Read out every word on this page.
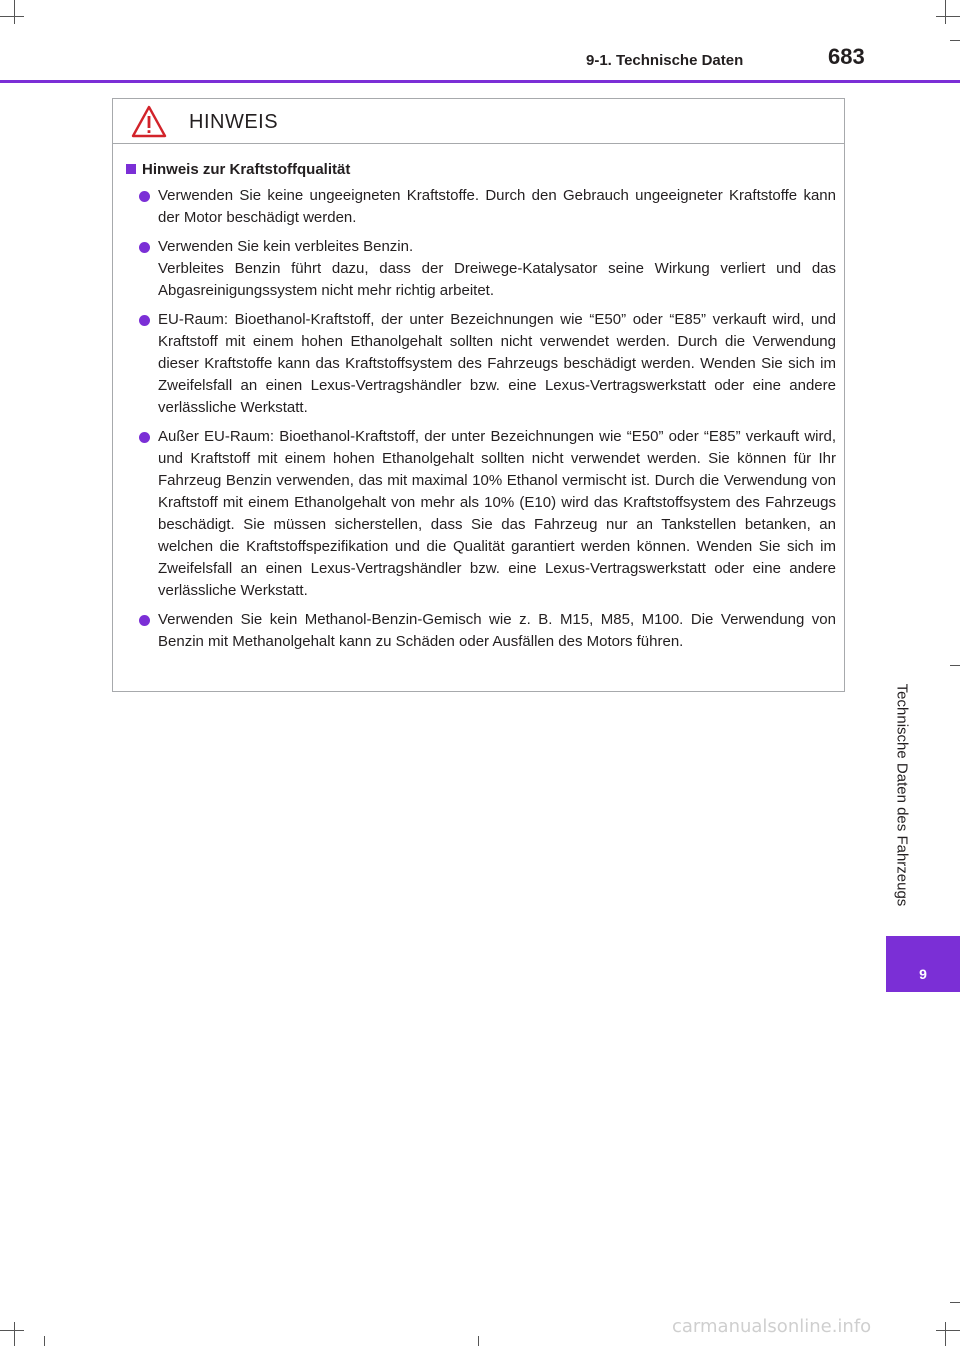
9-1. Technische Daten	683
Technische Daten des Fahrzeugs
9
HINWEIS
Hinweis zur Kraftstoffqualität

Verwenden Sie keine ungeeigneten Kraftstoffe. Durch den Gebrauch ungeeigneter Kraftstoffe kann der Motor beschädigt werden.

Verwenden Sie kein verbleites Benzin.

Verbleites Benzin führt dazu, dass der Dreiwege-Katalysator seine Wirkung verliert und das Abgasreinigungssystem nicht mehr richtig arbeitet.

EU-Raum: Bioethanol-Kraftstoff, der unter Bezeichnungen wie “E50” oder “E85” verkauft wird, und Kraftstoff mit einem hohen Ethanolgehalt sollten nicht verwendet werden. Durch die Verwendung dieser Kraftstoffe kann das Kraftstoffsystem des Fahrzeugs beschädigt werden. Wenden Sie sich im Zweifelsfall an einen Lexus-Vertragshändler bzw. eine Lexus-Vertragswerkstatt oder eine andere verlässliche Werkstatt.

Außer EU-Raum: Bioethanol-Kraftstoff, der unter Bezeichnungen wie “E50” oder “E85” verkauft wird, und Kraftstoff mit einem hohen Ethanolgehalt sollten nicht verwendet werden. Sie können für Ihr Fahrzeug Benzin verwenden, das mit maximal 10% Ethanol vermischt ist. Durch die Verwendung von Kraftstoff mit einem Ethanolgehalt von mehr als 10% (E10) wird das Kraftstoffsystem des Fahrzeugs beschädigt. Sie müssen sicherstellen, dass Sie das Fahrzeug nur an Tankstellen betanken, an welchen die Kraftstoffspezifikation und die Qualität garantiert werden können. Wenden Sie sich im Zweifelsfall an einen Lexus-Vertragshändler bzw. eine Lexus-Vertragswerkstatt oder eine andere verlässliche Werkstatt.

Verwenden Sie kein Methanol-Benzin-Gemisch wie z. B. M15, M85, M100. Die Verwendung von Benzin mit Methanolgehalt kann zu Schäden oder Ausfällen des Motors führen.

carmanualsonline.info
